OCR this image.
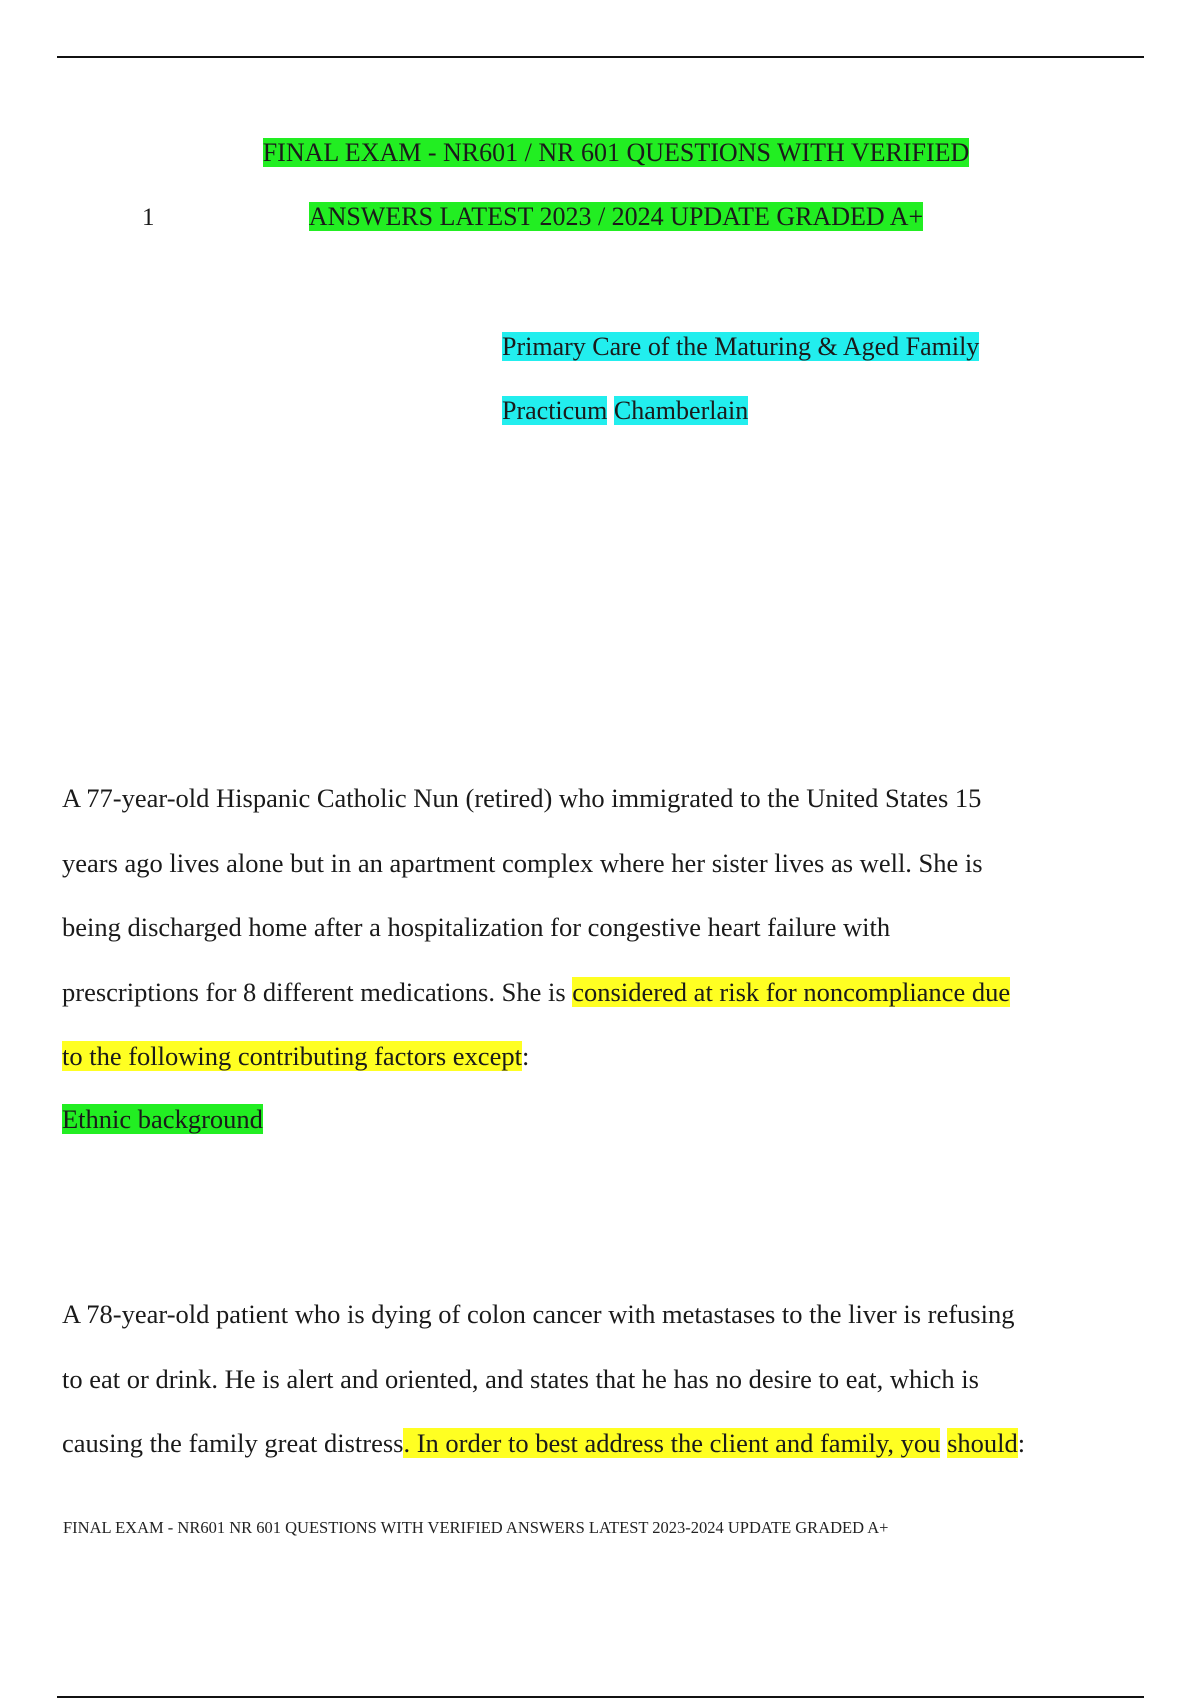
FINAL EXAM - NR601 / NR 601 QUESTIONS WITH VERIFIED
1	ANSWERS LATEST 2023 / 2024 UPDATE GRADED A+
Primary Care of the Maturing & Aged Family
Practicum Chamberlain
A 77-year-old Hispanic Catholic Nun (retired) who immigrated to the United States 15
years ago lives alone but in an apartment complex where her sister lives as well. She is
being discharged home after a hospitalization for congestive heart failure with
prescriptions for 8 different medications. She is considered at risk for noncompliance due
to the following contributing factors except:
Ethnic background
A 78-year-old patient who is dying of colon cancer with metastases to the liver is refusing
to eat or drink. He is alert and oriented, and states that he has no desire to eat, which is
causing the family great distress. In order to best address the client and family, you should:
FINAL EXAM - NR601 NR 601 QUESTIONS WITH VERIFIED ANSWERS LATEST 2023-2024 UPDATE GRADED A+
